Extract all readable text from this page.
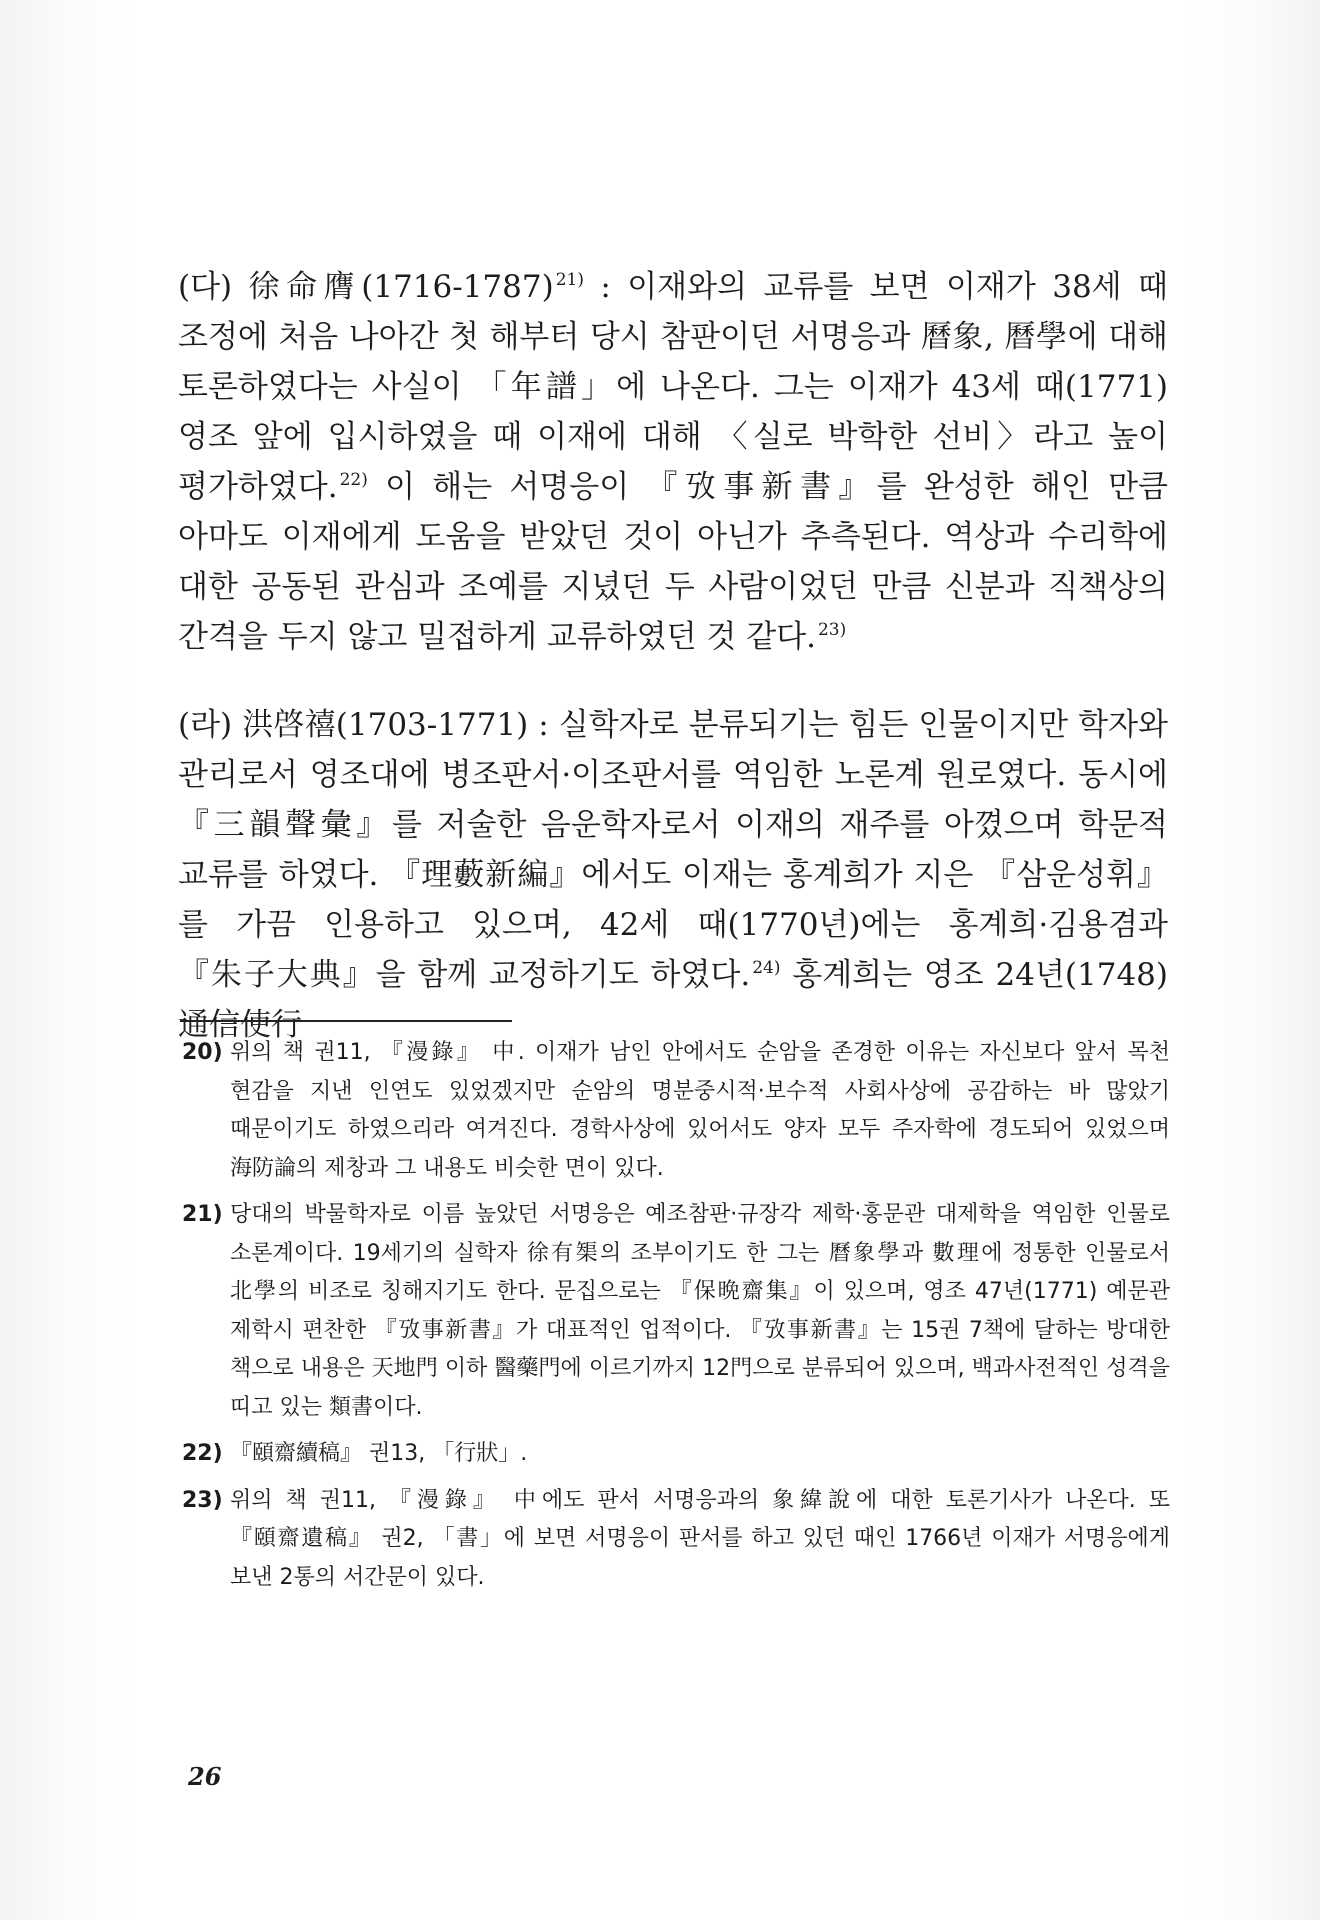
(다) 徐命膺(1716-1787) $^{21)}$ : 이재와의 교류를 보면 이재가 38세 때 조정에 처음 나아간 첫 해부터 당시 참판이던 서명응과 曆象, 曆學에 대해 토론하였다는 사실이 「年譜」에 나온다. 그는 이재가 43세 때(1771) 영조 앞에 입시하였을 때 이재에 대해 〈실로 박학한 선비〉라고 높이 평가하였다. $^{22)}$ 이 해는 서명응이 『攷事新書』를 완성한 해인 만큼 아마도 이재에게 도움을 받았던 것이 아닌가 추측된다. 역상과 수리학에 대한 공동된 관심과 조예를 지녔던 두 사람이었던 만큼 신분과 직책상의 간격을 두지 않고 밀접하게 교류하였던 것 같다. $^{23)}$

(라) 洪啓禧(1703-1771) : 실학자로 분류되기는 힘든 인물이지만 학자와 관리로서 영조대에 병조판서·이조판서를 역임한 노론계 원로였다. 동시에 『三韻聲彙』를 저술한 음운학자로서 이재의 재주를 아꼈으며 학문적 교류를 하였다. 『理藪新編』에서도 이재는 홍계희가 지은 『삼운성휘』를 가끔 인용하고 있으며, 42세 때(1770년)에는 홍계희·김용겸과 『朱子大典』을 함께 교정하기도 하였다. $^{24)}$ 홍계희는 영조 24년(1748) 通信使行

20) 위의 책 권11, 『漫錄』 中. 이재가 남인 안에서도 순암을 존경한 이유는 자신보다 앞서 목천 현감을 지낸 인연도 있었겠지만 순암의 명분중시적·보수적 사회사상에 공감하는 바 많았기 때문이기도 하였으리라 여겨진다. 경학사상에 있어서도 양자 모두 주자학에 경도되어 있었으며 海防論의 제창과 그 내용도 비슷한 면이 있다.
21) 당대의 박물학자로 이름 높았던 서명응은 예조참판·규장각 제학·홍문관 대제학을 역임한 인물로 소론계이다. 19세기의 실학자 徐有榘의 조부이기도 한 그는 曆象學과 數理에 정통한 인물로서 北學의 비조로 칭해지기도 한다. 문집으로는 『保晩齋集』이 있으며, 영조 47년(1771) 예문관 제학시 편찬한 『攷事新書』가 대표적인 업적이다. 『攷事新書』는 15권 7책에 달하는 방대한 책으로 내용은 天地門 이하 醫藥門에 이르기까지 12門으로 분류되어 있으며, 백과사전적인 성격을 띠고 있는 類書이다.
22) 『頤齋續稿』 권13, 「行狀」.
23) 위의 책 권11, 『漫錄』 中에도 판서 서명응과의 象緯說에 대한 토론기사가 나온다. 또 『頤齋遺稿』 권2, 「書」에 보면 서명응이 판서를 하고 있던 때인 1766년 이재가 서명응에게 보낸 2통의 서간문이 있다.
26
